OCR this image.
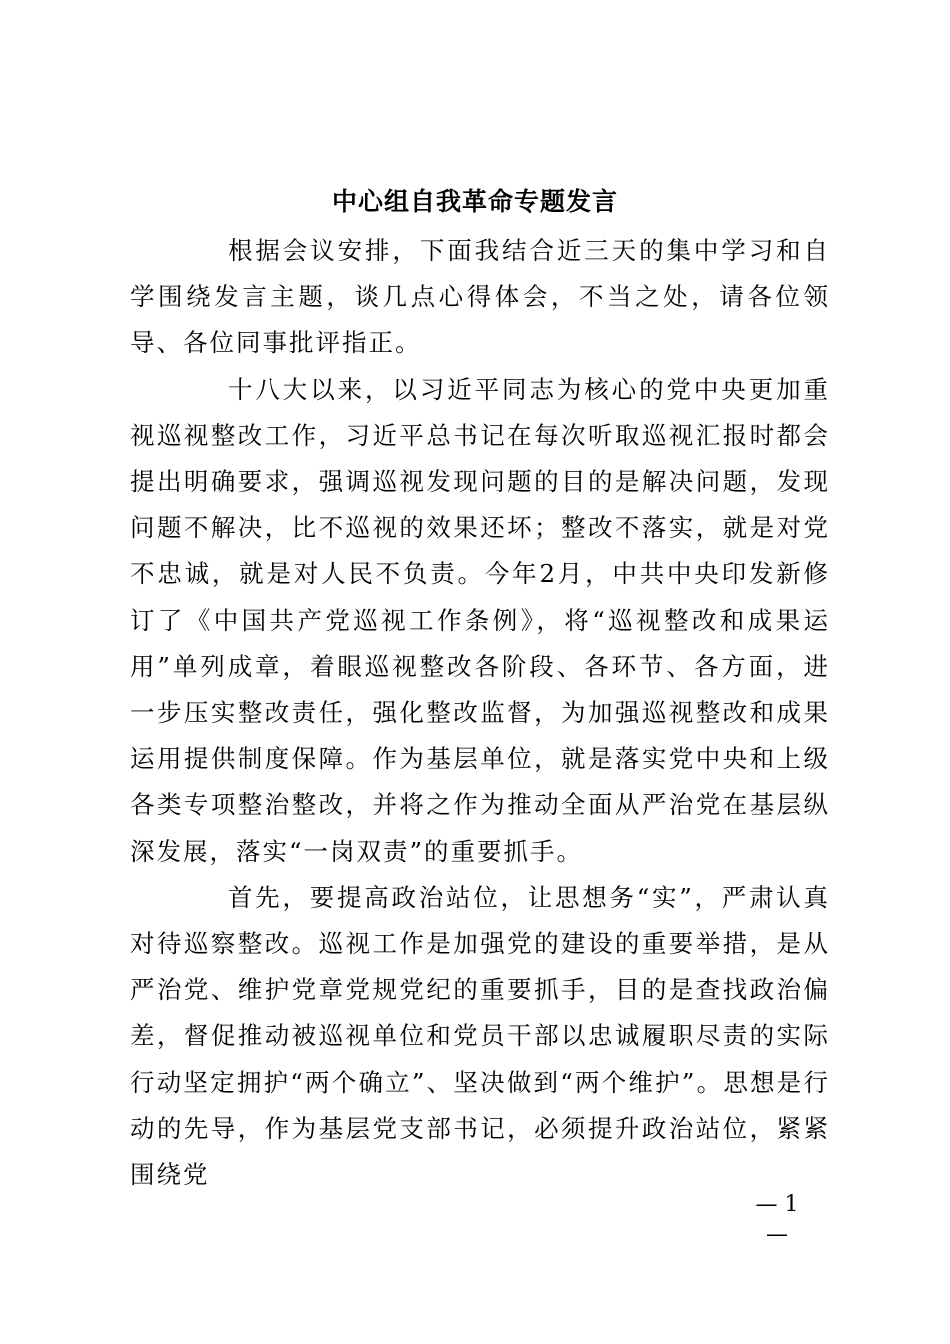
中心组自我革命专题发言

根据会议安排，下面我结合近三天的集中学习和自学围绕发言主题，谈几点心得体会，不当之处，请各位领导、各位同事批评指正。

十八大以来，以习近平同志为核心的党中央更加重视巡视整改工作，习近平总书记在每次听取巡视汇报时都会提出明确要求，强调巡视发现问题的目的是解决问题，发现问题不解决，比不巡视的效果还坏；整改不落实，就是对党不忠诚，就是对人民不负责。今年2月，中共中央印发新修订了《中国共产党巡视工作条例》，将“巡视整改和成果运用”单列成章，着眼巡视整改各阶段、各环节、各方面，进一步压实整改责任，强化整改监督，为加强巡视整改和成果运用提供制度保障。作为基层单位，就是落实党中央和上级各类专项整治整改，并将之作为推动全面从严治党在基层纵深发展，落实“一岗双责”的重要抓手。

首先，要提高政治站位，让思想务“实”，严肃认真对待巡察整改。巡视工作是加强党的建设的重要举措，是从严治党、维护党章党规党纪的重要抓手，目的是查找政治偏差，督促推动被巡视单位和党员干部以忠诚履职尽责的实际行动坚定拥护“两个确立”、坚决做到“两个维护”。思想是行动的先导，作为基层党支部书记，必须提升政治站位，紧紧围绕党

— 1 —
